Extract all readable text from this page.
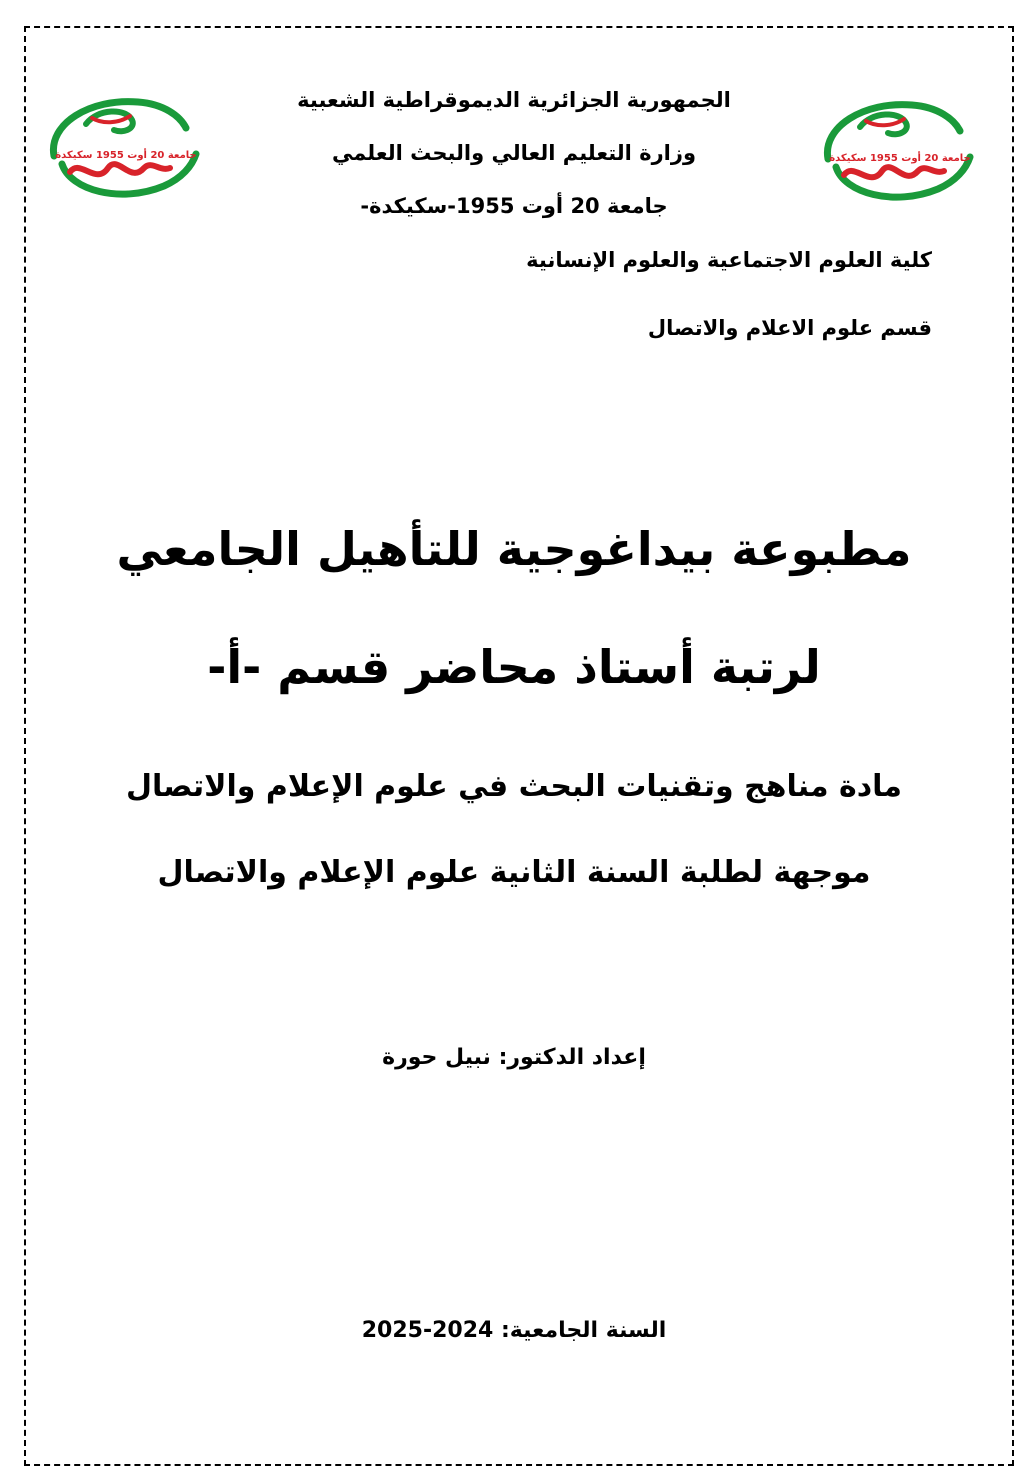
جامعة 20 أوت 1955 سكيكدة	جامعة 20 أوت 1955 سكيكدة
الجمهورية الجزائرية الديموقراطية الشعبية
وزارة التعليم العالي والبحث العلمي
جامعة 20 أوت 1955-سكيكدة-
كلية العلوم الاجتماعية والعلوم الإنسانية
قسم علوم الاعلام والاتصال
مطبوعة بيداغوجية للتأهيل الجامعي
لرتبة أستاذ محاضر قسم -أ-
مادة مناهج وتقنيات البحث في علوم الإعلام والاتصال
موجهة لطلبة السنة الثانية علوم الإعلام والاتصال
إعداد الدكتور: نبيل حورة
السنة الجامعية: 2024-2025
